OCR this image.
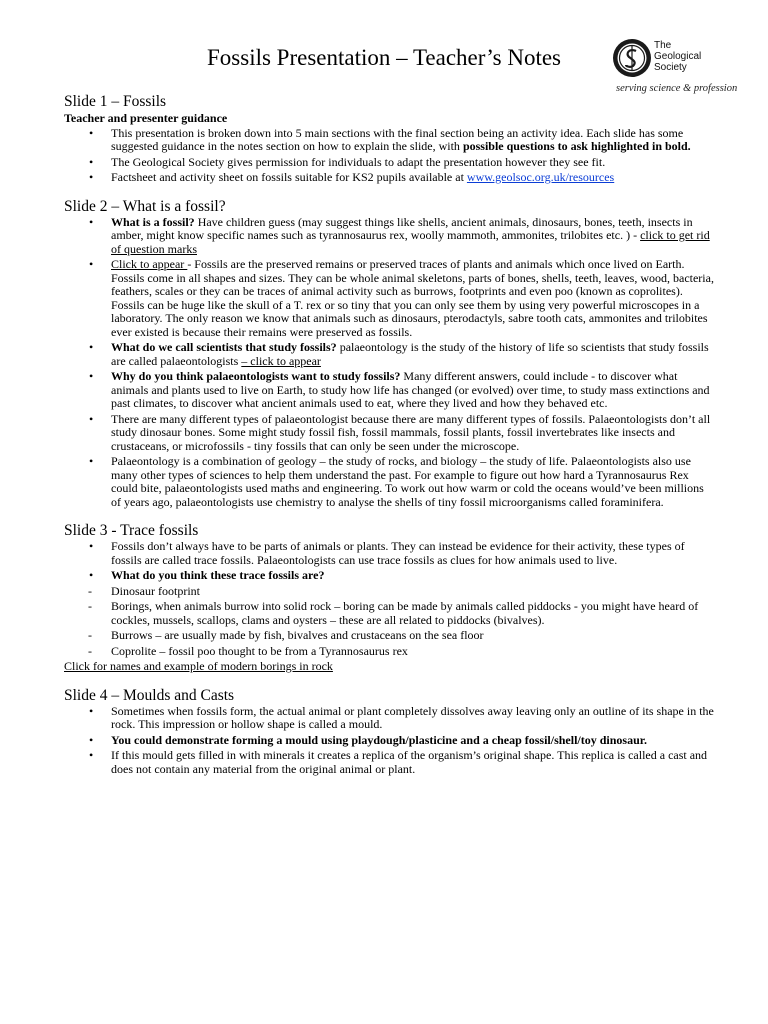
Fossils Presentation – Teacher’s Notes	The
Geological
Society
serving science & profession
Slide 1 – Fossils
Teacher and presenter guidance
• This presentation is broken down into 5 main sections with the final section being an activity idea. Each slide has some suggested guidance in the notes section on how to explain the slide, with possible questions to ask highlighted in bold.
• The Geological Society gives permission for individuals to adapt the presentation however they see fit.
• Factsheet and activity sheet on fossils suitable for KS2 pupils available at www.geolsoc.org.uk/resources
Slide 2 – What is a fossil?
• What is a fossil? Have children guess (may suggest things like shells, ancient animals, dinosaurs, bones, teeth, insects in amber, might know specific names such as tyrannosaurus rex, woolly mammoth, ammonites, trilobites etc. ) - click to get rid of question marks
• Click to appear - Fossils are the preserved remains or preserved traces of plants and animals which once lived on Earth. Fossils come in all shapes and sizes. They can be whole animal skeletons, parts of bones, shells, teeth, leaves, wood, bacteria, feathers, scales or they can be traces of animal activity such as burrows, footprints and even poo (known as coprolites). Fossils can be huge like the skull of a T. rex or so tiny that you can only see them by using very powerful microscopes in a laboratory. The only reason we know that animals such as dinosaurs, pterodactyls, sabre tooth cats, ammonites and trilobites ever existed is because their remains were preserved as fossils.
• What do we call scientists that study fossils? palaeontology is the study of the history of life so scientists that study fossils are called palaeontologists – click to appear
• Why do you think palaeontologists want to study fossils? Many different answers, could include - to discover what animals and plants used to live on Earth, to study how life has changed (or evolved) over time, to study mass extinctions and past climates, to discover what ancient animals used to eat, where they lived and how they behaved etc.
• There are many different types of palaeontologist because there are many different types of fossils. Palaeontologists don’t all study dinosaur bones. Some might study fossil fish, fossil mammals, fossil plants, fossil invertebrates like insects and crustaceans, or microfossils - tiny fossils that can only be seen under the microscope.
• Palaeontology is a combination of geology – the study of rocks, and biology – the study of life. Palaeontologists also use many other types of sciences to help them understand the past. For example to figure out how hard a Tyrannosaurus Rex could bite, palaeontologists used maths and engineering. To work out how warm or cold the oceans would’ve been millions of years ago, palaeontologists use chemistry to analyse the shells of tiny fossil microorganisms called foraminifera.
Slide 3 - Trace fossils
• Fossils don’t always have to be parts of animals or plants. They can instead be evidence for their activity, these types of fossils are called trace fossils. Palaeontologists can use trace fossils as clues for how animals used to live.
• What do you think these trace fossils are?
- Dinosaur footprint
- Borings, when animals burrow into solid rock – boring can be made by animals called piddocks - you might have heard of cockles, mussels, scallops, clams and oysters – these are all related to piddocks (bivalves).
- Burrows – are usually made by fish, bivalves and crustaceans on the sea floor
- Coprolite – fossil poo thought to be from a Tyrannosaurus rex
Click for names and example of modern borings in rock
Slide 4 – Moulds and Casts
• Sometimes when fossils form, the actual animal or plant completely dissolves away leaving only an outline of its shape in the rock. This impression or hollow shape is called a mould.
• You could demonstrate forming a mould using playdough/plasticine and a cheap fossil/shell/toy dinosaur.
• If this mould gets filled in with minerals it creates a replica of the organism’s original shape. This replica is called a cast and does not contain any material from the original animal or plant.
